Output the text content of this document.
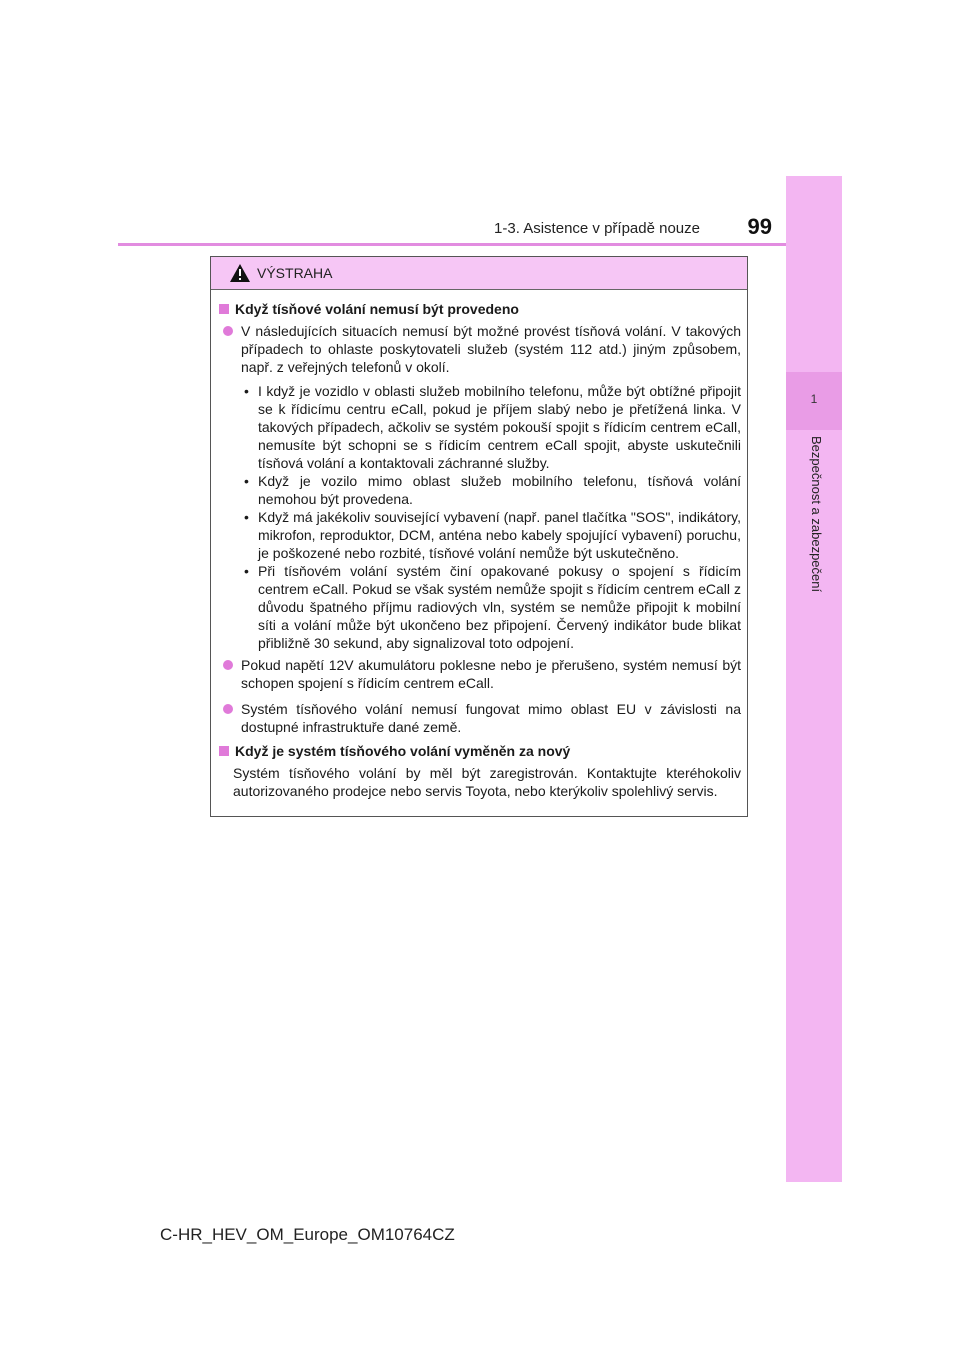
1
Bezpečnost a zabezpečení
1-3. Asistence v případě nouze	99
VÝSTRAHA
Když tísňové volání nemusí být provedeno
V následujících situacích nemusí být možné provést tísňová volání. V takových případech to ohlaste poskytovateli služeb (systém 112 atd.) jiným způsobem, např. z veřejných telefonů v okolí.
• I když je vozidlo v oblasti služeb mobilního telefonu, může být obtížné připojit se k řídicímu centru eCall, pokud je příjem slabý nebo je přetížená linka. V takových případech, ačkoliv se systém pokouší spojit s řídicím centrem eCall, nemusíte být schopni se s řídicím centrem eCall spojit, abyste uskutečnili tísňová volání a kontaktovali záchranné služby.
• Když je vozilo mimo oblast služeb mobilního telefonu, tísňová volání nemohou být provedena.
• Když má jakékoliv související vybavení (např. panel tlačítka "SOS", indikátory, mikrofon, reproduktor, DCM, anténa nebo kabely spojující vybavení) poruchu, je poškozené nebo rozbité, tísňové volání nemůže být uskutečněno.
• Při tísňovém volání systém činí opakované pokusy o spojení s řídicím centrem eCall. Pokud se však systém nemůže spojit s řídicím centrem eCall z důvodu špatného příjmu radiových vln, systém se nemůže připojit k mobilní síti a volání může být ukončeno bez připojení. Červený indikátor bude blikat přibližně 30 sekund, aby signalizoval toto odpojení.
Pokud napětí 12V akumulátoru poklesne nebo je přerušeno, systém nemusí být schopen spojení s řídicím centrem eCall.
Systém tísňového volání nemusí fungovat mimo oblast EU v závislosti na dostupné infrastruktuře dané země.
Když je systém tísňového volání vyměněn za nový
Systém tísňového volání by měl být zaregistrován. Kontaktujte kteréhokoliv autorizovaného prodejce nebo servis Toyota, nebo kterýkoliv spolehlivý servis.
C-HR_HEV_OM_Europe_OM10764CZ
